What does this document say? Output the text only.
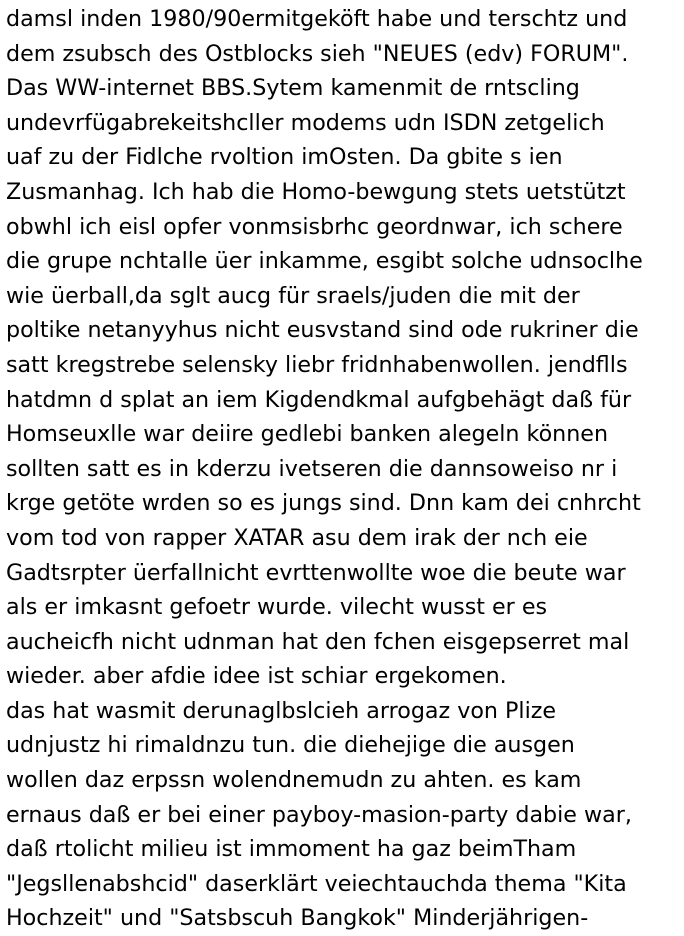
damsl inden 1980/90ermitgeköft habe und terschtz und
dem zsubsch des Ostblocks sieh "NEUES (edv) FORUM".
Das WW-internet BBS.Sytem kamenmit de rntscling
undevrfügabrekeitshcller modems udn ISDN zetgelich
uaf zu der Fidlche rvoltion imOsten. Da gbite s ien
Zusmanhag. Ich hab die Homo-bewgung stets uetstützt
obwhl ich eisl opfer vonmsisbrhc geordnwar, ich schere
die grupe nchtalle üer inkamme, esgibt solche udnsoclhe
wie üerball,da sglt aucg für sraels/juden die mit der
poltike netanyyhus nicht eusvstand sind ode rukriner die
satt kregstrebe selensky liebr fridnhabenwollen. jendflls
hatdmn d splat an iem Kigdendkmal aufgbehägt daß für
Homseuxlle war deiire gedlebi banken alegeln können
sollten satt es in kderzu ivetseren die dannsoweiso nr i
krge getöte wrden so es jungs sind. Dnn kam dei cnhrcht
vom tod von rapper XATAR asu dem irak der nch eie
Gadtsrpter üerfallnicht evrttenwollte woe die beute war
als er imkasnt gefoetr wurde. vilecht wusst er es
aucheicfh nicht udnman hat den fchen eisgepserret mal
wieder. aber afdie idee ist schiar ergekomen.
das hat wasmit derunaglbslcieh arrogaz von Plize
udnjustz hi rimaldnzu tun. die diehejige die ausgen
wollen daz erpssn wolendnemudn zu ahten. es kam
ernaus daß er bei einer payboy-masion-party dabie war,
daß rtolicht milieu ist immoment ha gaz beimTham
"Jegsllenabshcid" daserklärt veiechtauchda thema "Kita
Hochzeit" und "Satsbscuh Bangkok" Minderjährigen-
